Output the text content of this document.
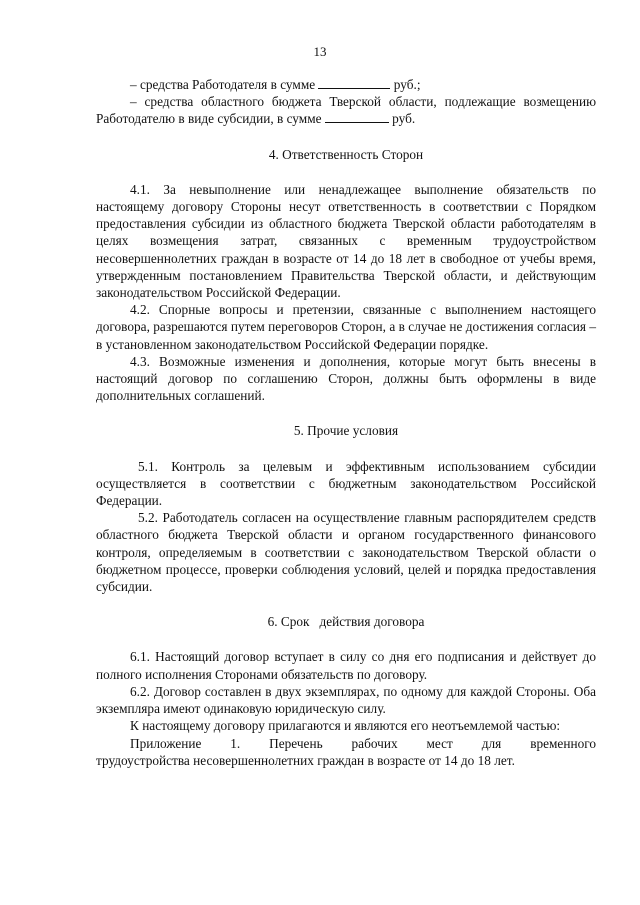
13

– средства Работодателя в сумме	руб.;

– средства областного бюджета Тверской области, подлежащие возмещению Работодателю в виде субсидии, в сумме	руб.

4. Ответственность Сторон

4.1. За невыполнение или ненадлежащее выполнение обязательств по настоящему договору Стороны несут ответственность в соответствии с Порядком предоставления субсидии из областного бюджета Тверской области работодателям в целях возмещения затрат, связанных с временным трудоустройством несовершеннолетних граждан в возрасте от 14 до 18 лет в свободное от учебы время, утвержденным постановлением Правительства Тверской области, и действующим законодательством Российской Федерации.

4.2. Спорные вопросы и претензии, связанные с выполнением настоящего договора, разрешаются путем переговоров Сторон, а в случае не достижения согласия – в установленном законодательством Российской Федерации порядке.

4.3. Возможные изменения и дополнения, которые могут быть внесены в настоящий договор по соглашению Сторон, должны быть оформлены в виде дополнительных соглашений.

5. Прочие условия

5.1. Контроль за целевым и эффективным использованием субсидии осуществляется в соответствии с бюджетным законодательством Российской Федерации.

5.2. Работодатель согласен на осуществление главным распорядителем средств областного бюджета Тверской области и органом государственного финансового контроля, определяемым в соответствии с законодательством Тверской области о бюджетном процессе, проверки соблюдения условий, целей и порядка предоставления субсидии.

6. Срок   действия договора

6.1. Настоящий договор вступает в силу со дня его подписания и действует до полного исполнения Сторонами обязательств по договору.

6.2. Договор составлен в двух экземплярах, по одному для каждой Стороны. Оба экземпляра имеют одинаковую юридическую силу.

К настоящему договору прилагаются и являются его неотъемлемой частью:

Приложение 1. Перечень рабочих мест для временного

трудоустройства несовершеннолетних граждан в возрасте от 14 до 18 лет.
